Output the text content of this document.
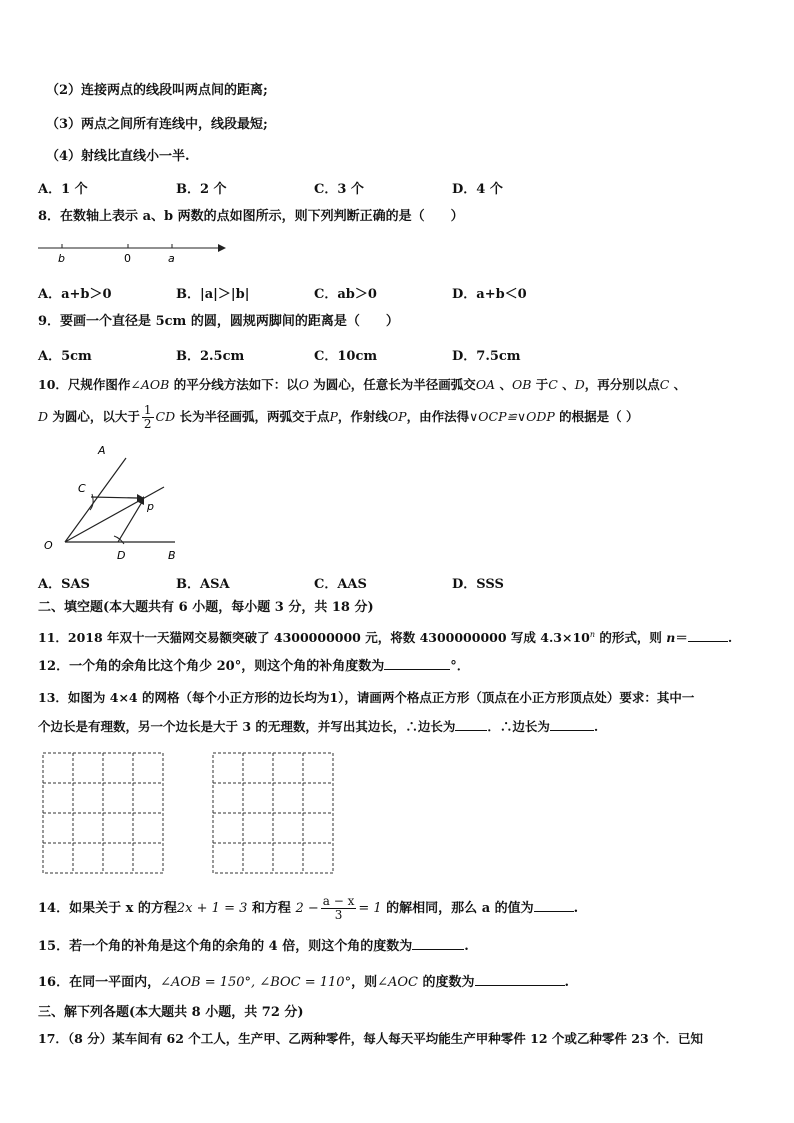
（2）连接两点的线段叫两点间的距离;
（3）两点之间所有连线中，线段最短;
（4）射线比直线小一半.
A．1 个	B．2 个	C．3 个	D．4 个
8．在数轴上表示 a、b 两数的点如图所示，则下列判断正确的是（　　）
b	0	a
A．a+b＞0	B．|a|＞|b|	C．ab＞0	D．a+b＜0
9．要画一个直径是 5cm 的圆，圆规两脚间的距离是（　　）
A．5cm	B．2.5cm	C．10cm	D．7.5cm
10．尺规作图作∠AOB 的平分线方法如下：以O 为圆心，任意长为半径画弧交OA 、OB 于C 、D，再分别以点C 、
D 为圆心，以大于 $\frac{1}{2}$ CD 长为半径画弧，两弧交于点P，作射线OP，由作法得∨OCP≌∨ODP 的根据是（ ）
A
C
p
O
D	B
A．SAS	B．ASA	C．AAS	D．SSS
二、填空题(本大题共有 6 小题，每小题 3 分，共 18 分)
11．2018 年双十一天猫网交易额突破了 4300000000 元，将数 4300000000 写成 $4.3\times 10^n$ 的形式，则 n＝	.
12．一个角的余角比这个角少 20°，则这个角的补角度数为	°．
13．如图为 4×4 的网格（每个小正方形的边长均为1），请画两个格点正方形（顶点在小正方形顶点处）要求：其中一
个边长是有理数，另一个边长是大于 3 的无理数，并写出其边长，∴边长为	．∴边长为	.
14．如果关于 x 的方程2x + 1 = 3 和方程 $2 - \frac{a - x}{3} = 1$ 的解相同，那么 a 的值为	.
15．若一个角的补角是这个角的余角的 4 倍，则这个角的度数为	.
16．在同一平面内，∠AOB = 150°, ∠BOC = 110°，则∠AOC 的度数为	.
三、解下列各题(本大题共 8 小题，共 72 分)
17．（8 分）某车间有 62 个工人，生产甲、乙两种零件，每人每天平均能生产甲种零件 12 个或乙种零件 23 个．已知
